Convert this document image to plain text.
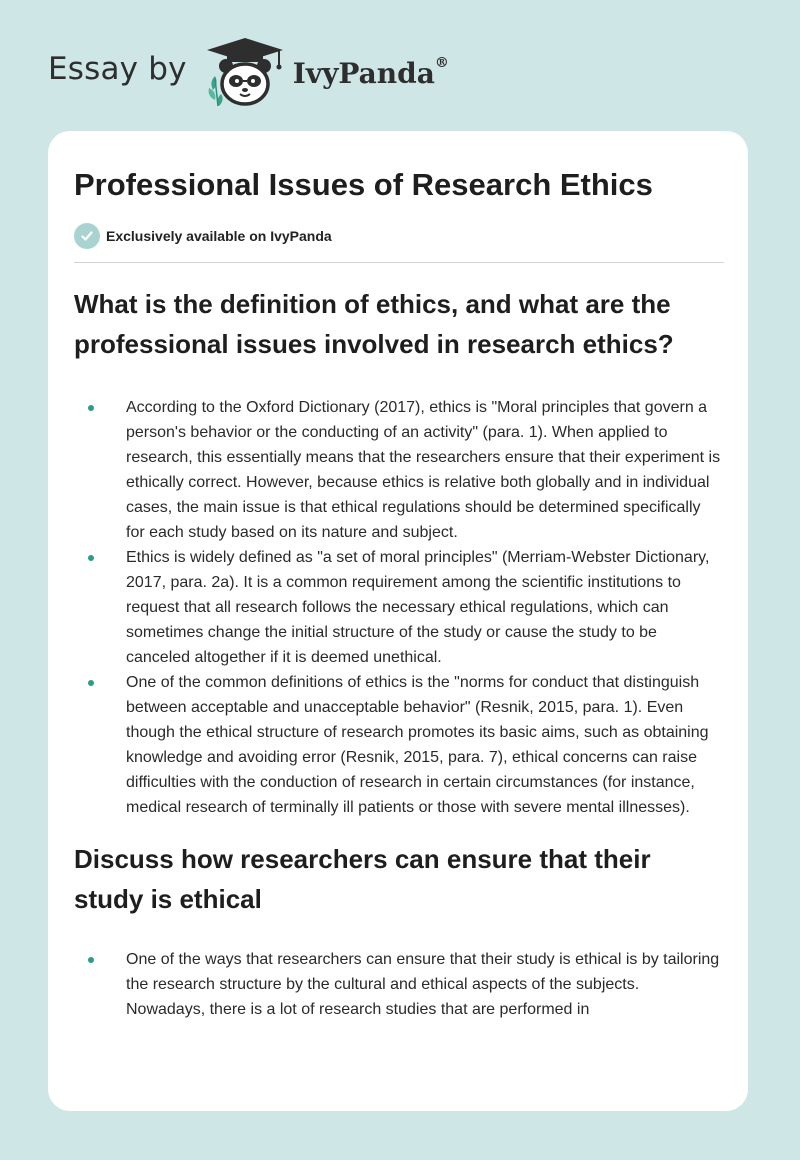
Essay by	IvyPanda®
Professional Issues of Research Ethics
Exclusively available on IvyPanda
What is the definition of ethics, and what are the professional issues involved in research ethics?
According to the Oxford Dictionary (2017), ethics is "Moral principles that govern a person's behavior or the conducting of an activity" (para. 1). When applied to research, this essentially means that the researchers ensure that their experiment is ethically correct. However, because ethics is relative both globally and in individual cases, the main issue is that ethical regulations should be determined specifically for each study based on its nature and subject.
Ethics is widely defined as "a set of moral principles" (Merriam-Webster Dictionary, 2017, para. 2a). It is a common requirement among the scientific institutions to request that all research follows the necessary ethical regulations, which can sometimes change the initial structure of the study or cause the study to be canceled altogether if it is deemed unethical.
One of the common definitions of ethics is the "norms for conduct that distinguish between acceptable and unacceptable behavior" (Resnik, 2015, para. 1). Even though the ethical structure of research promotes its basic aims, such as obtaining knowledge and avoiding error (Resnik, 2015, para. 7), ethical concerns can raise difficulties with the conduction of research in certain circumstances (for instance, medical research of terminally ill patients or those with severe mental illnesses).
Discuss how researchers can ensure that their study is ethical
One of the ways that researchers can ensure that their study is ethical is by tailoring the research structure by the cultural and ethical aspects of the subjects. Nowadays, there is a lot of research studies that are performed in
